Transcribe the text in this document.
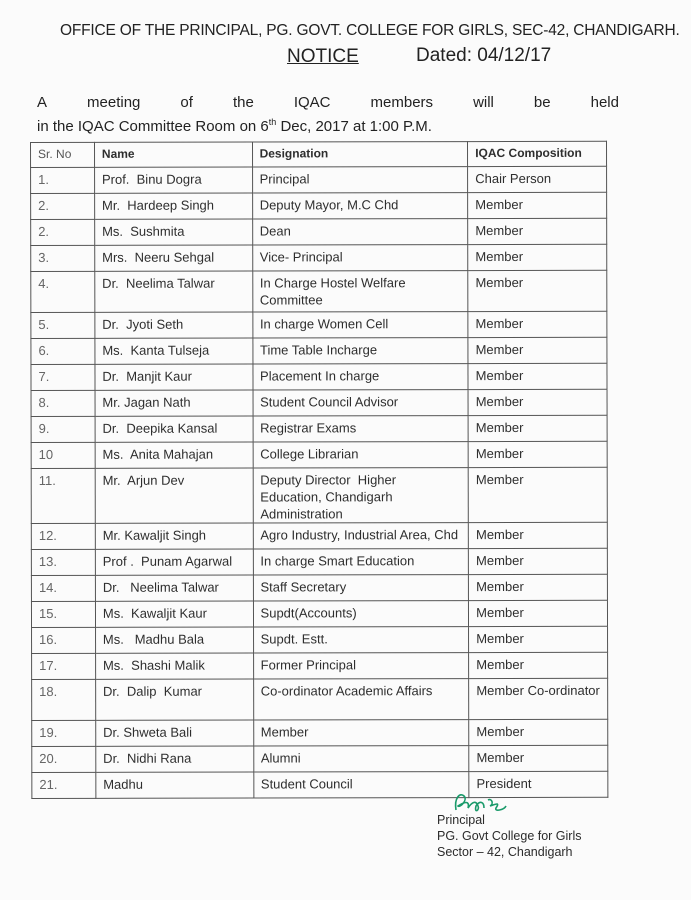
OFFICE OF THE PRINCIPAL, PG. GOVT. COLLEGE FOR GIRLS, SEC-42, CHANDIGARH.
NOTICE	Dated: 04/12/17
A	meeting	of	the	IQAC	members	will	be	held
in the IQAC Committee Room on 6th Dec, 2017 at 1:00 P.M.
Sr. No	Name	Designation	IQAC Composition
1.	Prof.  Binu Dogra	Principal	Chair Person
2.	Mr.  Hardeep Singh	Deputy Mayor, M.C Chd	Member
2.	Ms.  Sushmita	Dean	Member
3.	Mrs.  Neeru Sehgal	Vice- Principal	Member
4.	Dr.  Neelima Talwar	In Charge Hostel Welfare Committee	Member
5.	Dr.  Jyoti Seth	In charge Women Cell	Member
6.	Ms.  Kanta Tulseja	Time Table Incharge	Member
7.	Dr.  Manjit Kaur	Placement In charge	Member
8.	Mr. Jagan Nath	Student Council Advisor	Member
9.	Dr.  Deepika Kansal	Registrar Exams	Member
10	Ms.  Anita Mahajan	College Librarian	Member
11.	Mr.  Arjun Dev	Deputy Director  Higher Education, Chandigarh Administration	Member
12.	Mr. Kawaljit Singh	Agro Industry, Industrial Area, Chd	Member
13.	Prof .  Punam Agarwal	In charge Smart Education	Member
14.	Dr.   Neelima Talwar	Staff Secretary	Member
15.	Ms.  Kawaljit Kaur	Supdt(Accounts)	Member
16.	Ms.   Madhu Bala	Supdt. Estt.	Member
17.	Ms.  Shashi Malik	Former Principal	Member
18.	Dr.  Dalip  Kumar	Co-ordinator Academic Affairs	Member Co-ordinator
19.	Dr. Shweta Bali	Member	Member
20.	Dr.  Nidhi Rana	Alumni	Member
21.	Madhu	Student Council	President
Principal
PG. Govt College for Girls
Sector – 42, Chandigarh
